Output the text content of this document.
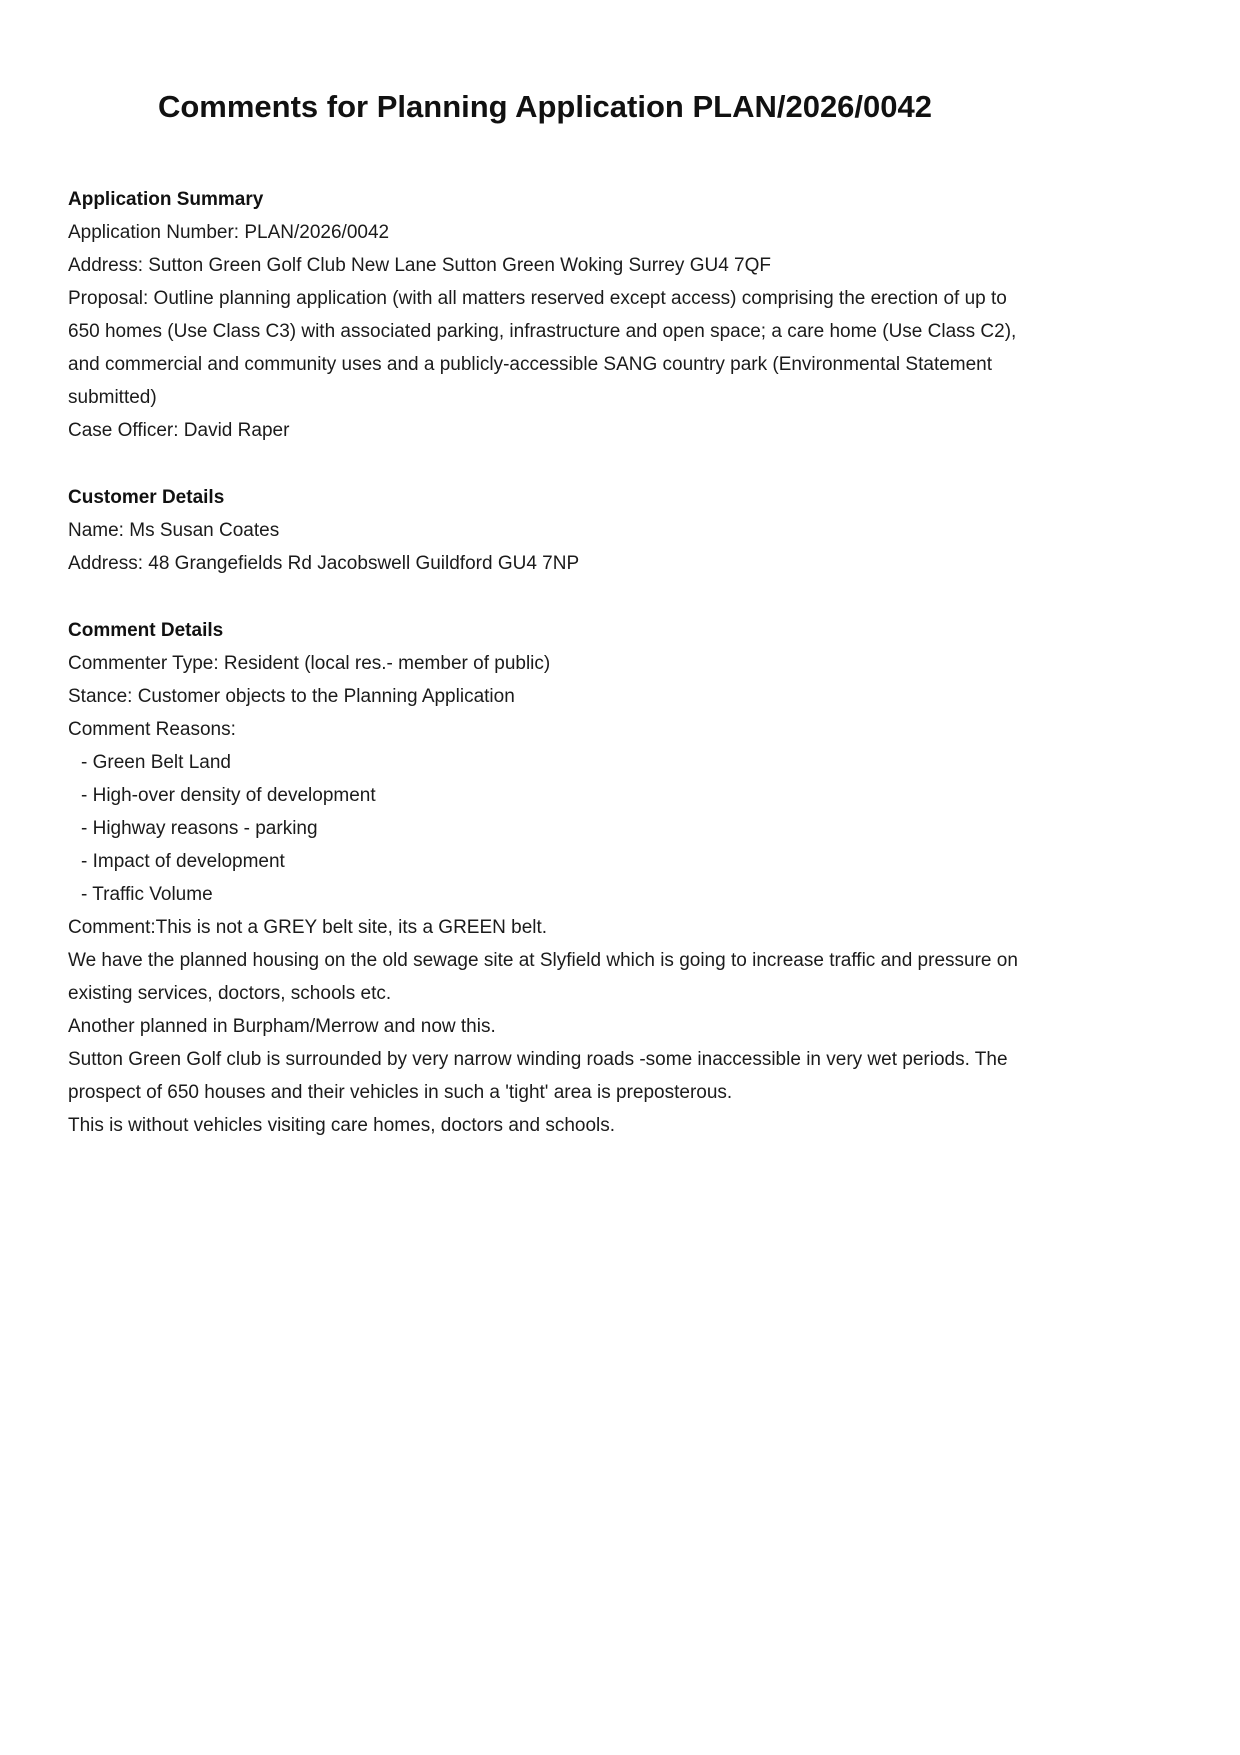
Comments for Planning Application PLAN/2026/0042
Application Summary

Application Number: PLAN/2026/0042

Address: Sutton Green Golf Club New Lane Sutton Green Woking Surrey GU4 7QF

Proposal: Outline planning application (with all matters reserved except access) comprising the erection of up to 650 homes (Use Class C3) with associated parking, infrastructure and open space; a care home (Use Class C2), and commercial and community uses and a publicly-accessible SANG country park (Environmental Statement submitted)

Case Officer: David Raper

Customer Details

Name: Ms Susan Coates

Address: 48 Grangefields Rd Jacobswell Guildford GU4 7NP

Comment Details

Commenter Type: Resident (local res.- member of public)

Stance: Customer objects to the Planning Application

Comment Reasons:

- Green Belt Land

- High-over density of development

- Highway reasons - parking

- Impact of development

- Traffic Volume

Comment:This is not a GREY belt site, its a GREEN belt.

We have the planned housing on the old sewage site at Slyfield which is going to increase traffic and pressure on existing services, doctors, schools etc.

Another planned in Burpham/Merrow and now this.

Sutton Green Golf club is surrounded by very narrow winding roads -some inaccessible in very wet periods. The prospect of 650 houses and their vehicles in such a 'tight' area is preposterous.

This is without vehicles visiting care homes, doctors and schools.
